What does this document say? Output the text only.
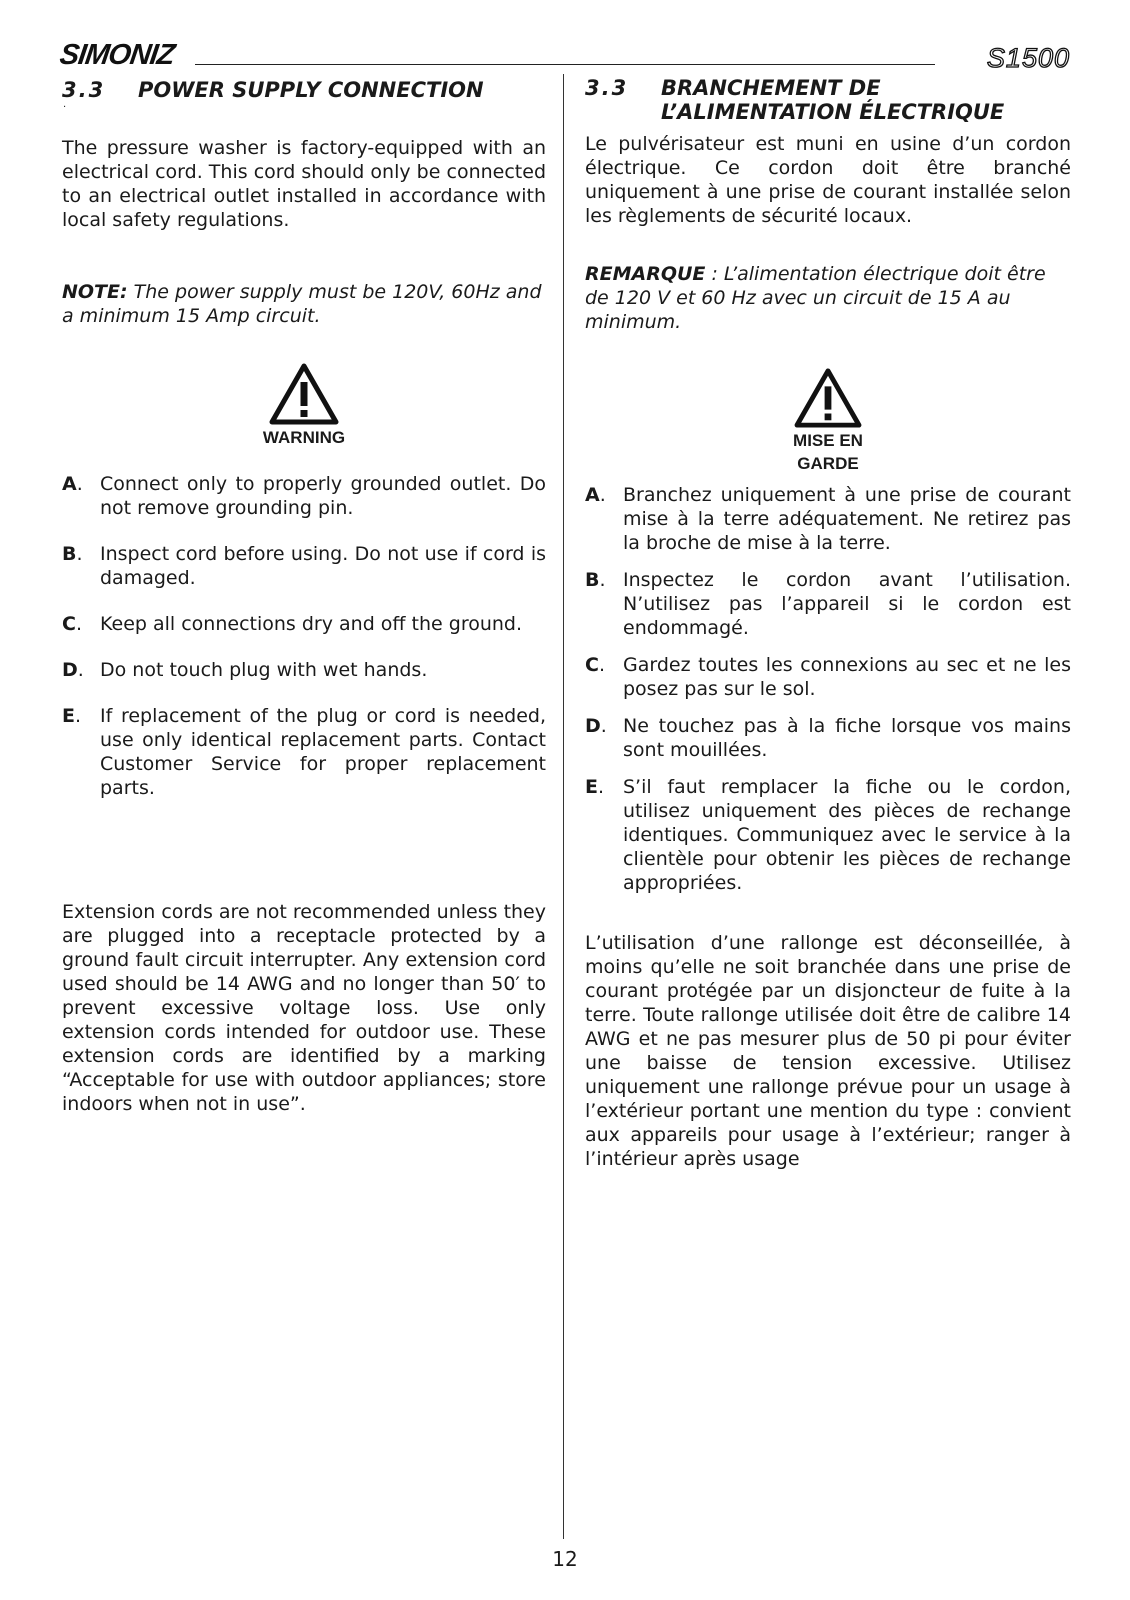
SIMONIZ	S1500
3.3	POWER SUPPLY CONNECTION
.

The pressure washer is factory-equipped with an electrical cord. This cord should only be connected to an electrical outlet installed in accordance with local safety regulations.

NOTE: The power supply must be 120V, 60Hz and a minimum 15 Amp circuit.

WARNING
A. Connect only to properly grounded outlet. Do not remove grounding pin.
B. Inspect cord before using. Do not use if cord is damaged.
C. Keep all connections dry and off the ground.
D. Do not touch plug with wet hands.
E. If replacement of the plug or cord is needed, use only identical replacement parts. Contact Customer Service for proper replacement parts.

Extension cords are not recommended unless they are plugged into a receptacle protected by a ground fault circuit interrupter. Any extension cord used should be 14 AWG and no longer than 50′ to prevent excessive voltage loss. Use only extension cords intended for outdoor use. These extension cords are identified by a marking “Acceptable for use with outdoor appliances; store indoors when not in use”.

3.3	BRANCHEMENT DE L’ALIMENTATION ÉLECTRIQUE

Le pulvérisateur est muni en usine d’un cordon électrique. Ce cordon doit être branché uniquement à une prise de courant installée selon les règlements de sécurité locaux.

REMARQUE : L’alimentation électrique doit être de 120 V et 60 Hz avec un circuit de 15 A au minimum.

MISE EN
GARDE
A. Branchez uniquement à une prise de courant mise à la terre adéquatement. Ne retirez pas la broche de mise à la terre.
B. Inspectez le cordon avant l’utilisation. N’utilisez pas l’appareil si le cordon est endommagé.
C. Gardez toutes les connexions au sec et ne les posez pas sur le sol.
D. Ne touchez pas à la fiche lorsque vos mains sont mouillées.
E. S’il faut remplacer la fiche ou le cordon, utilisez uniquement des pièces de rechange identiques. Communiquez avec le service à la clientèle pour obtenir les pièces de rechange appropriées.

L’utilisation d’une rallonge est déconseillée, à moins qu’elle ne soit branchée dans une prise de courant protégée par un disjoncteur de fuite à la terre. Toute rallonge utilisée doit être de calibre 14 AWG et ne pas mesurer plus de 50 pi pour éviter une baisse de tension excessive. Utilisez uniquement une rallonge prévue pour un usage à l’extérieur portant une mention du type : convient aux appareils pour usage à l’extérieur; ranger à l’intérieur après usage

12
